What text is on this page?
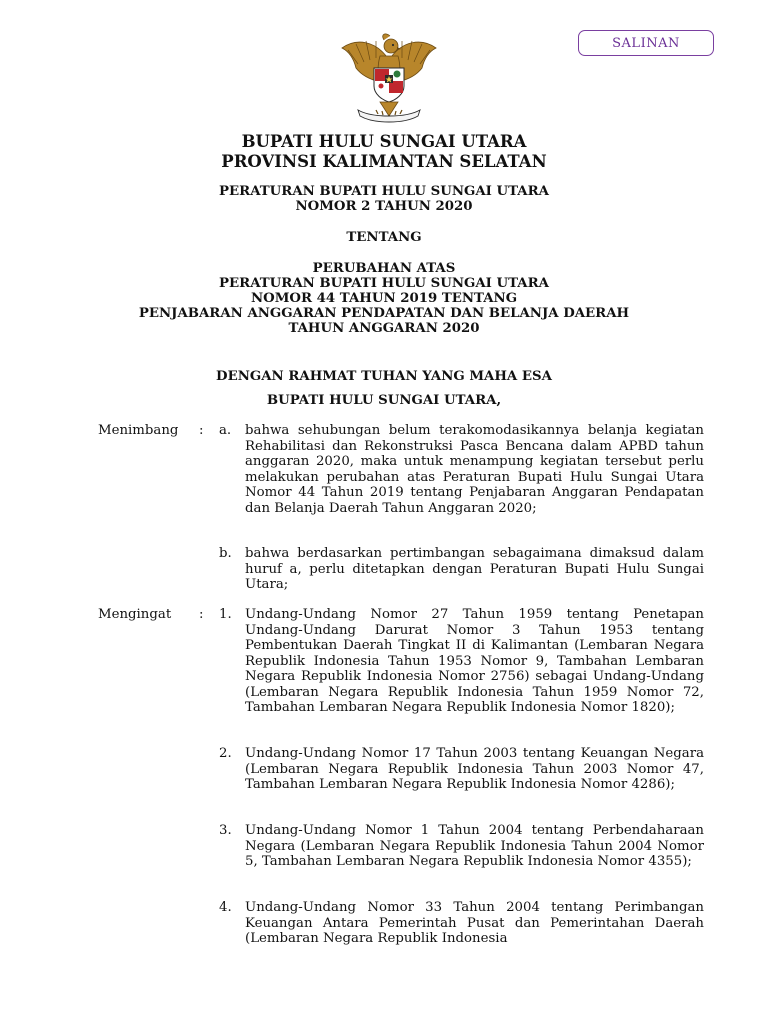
SALINAN
BUPATI HULU SUNGAI UTARA
PROVINSI KALIMANTAN SELATAN
PERATURAN BUPATI HULU SUNGAI UTARA
NOMOR 2 TAHUN 2020
TENTANG
PERUBAHAN ATAS
PERATURAN BUPATI HULU SUNGAI UTARA
NOMOR 44 TAHUN 2019 TENTANG
PENJABARAN ANGGARAN PENDAPATAN DAN BELANJA DAERAH
TAHUN ANGGARAN 2020
DENGAN RAHMAT TUHAN YANG MAHA ESA
BUPATI HULU SUNGAI UTARA,
Menimbang : a. bahwa sehubungan belum terakomodasikannya belanja kegiatan Rehabilitasi dan Rekonstruksi Pasca Bencana dalam APBD tahun anggaran 2020, maka untuk menampung kegiatan tersebut perlu melakukan perubahan atas Peraturan Bupati Hulu Sungai Utara Nomor 44 Tahun 2019 tentang Penjabaran Anggaran Pendapatan dan Belanja Daerah Tahun Anggaran 2020;

b. bahwa berdasarkan pertimbangan sebagaimana dimaksud dalam huruf a, perlu ditetapkan dengan Peraturan Bupati Hulu Sungai Utara;

Mengingat : 1. Undang-Undang Nomor 27 Tahun 1959 tentang Penetapan Undang-Undang Darurat Nomor 3 Tahun 1953 tentang Pembentukan Daerah Tingkat II di Kalimantan (Lembaran Negara Republik Indonesia Tahun 1953 Nomor 9, Tambahan Lembaran Negara Republik Indonesia Nomor 2756) sebagai Undang-Undang (Lembaran Negara Republik Indonesia Tahun 1959 Nomor 72, Tambahan Lembaran Negara Republik Indonesia Nomor 1820);

2. Undang-Undang Nomor 17 Tahun 2003 tentang Keuangan Negara (Lembaran Negara Republik Indonesia Tahun 2003 Nomor 47, Tambahan Lembaran Negara Republik Indonesia Nomor 4286);

3. Undang-Undang Nomor 1 Tahun 2004 tentang Perbendaharaan Negara (Lembaran Negara Republik Indonesia Tahun 2004 Nomor 5, Tambahan Lembaran Negara Republik Indonesia Nomor 4355);

4. Undang-Undang Nomor 33 Tahun 2004 tentang Perimbangan Keuangan Antara Pemerintah Pusat dan Pemerintahan Daerah (Lembaran Negara Republik Indonesia
